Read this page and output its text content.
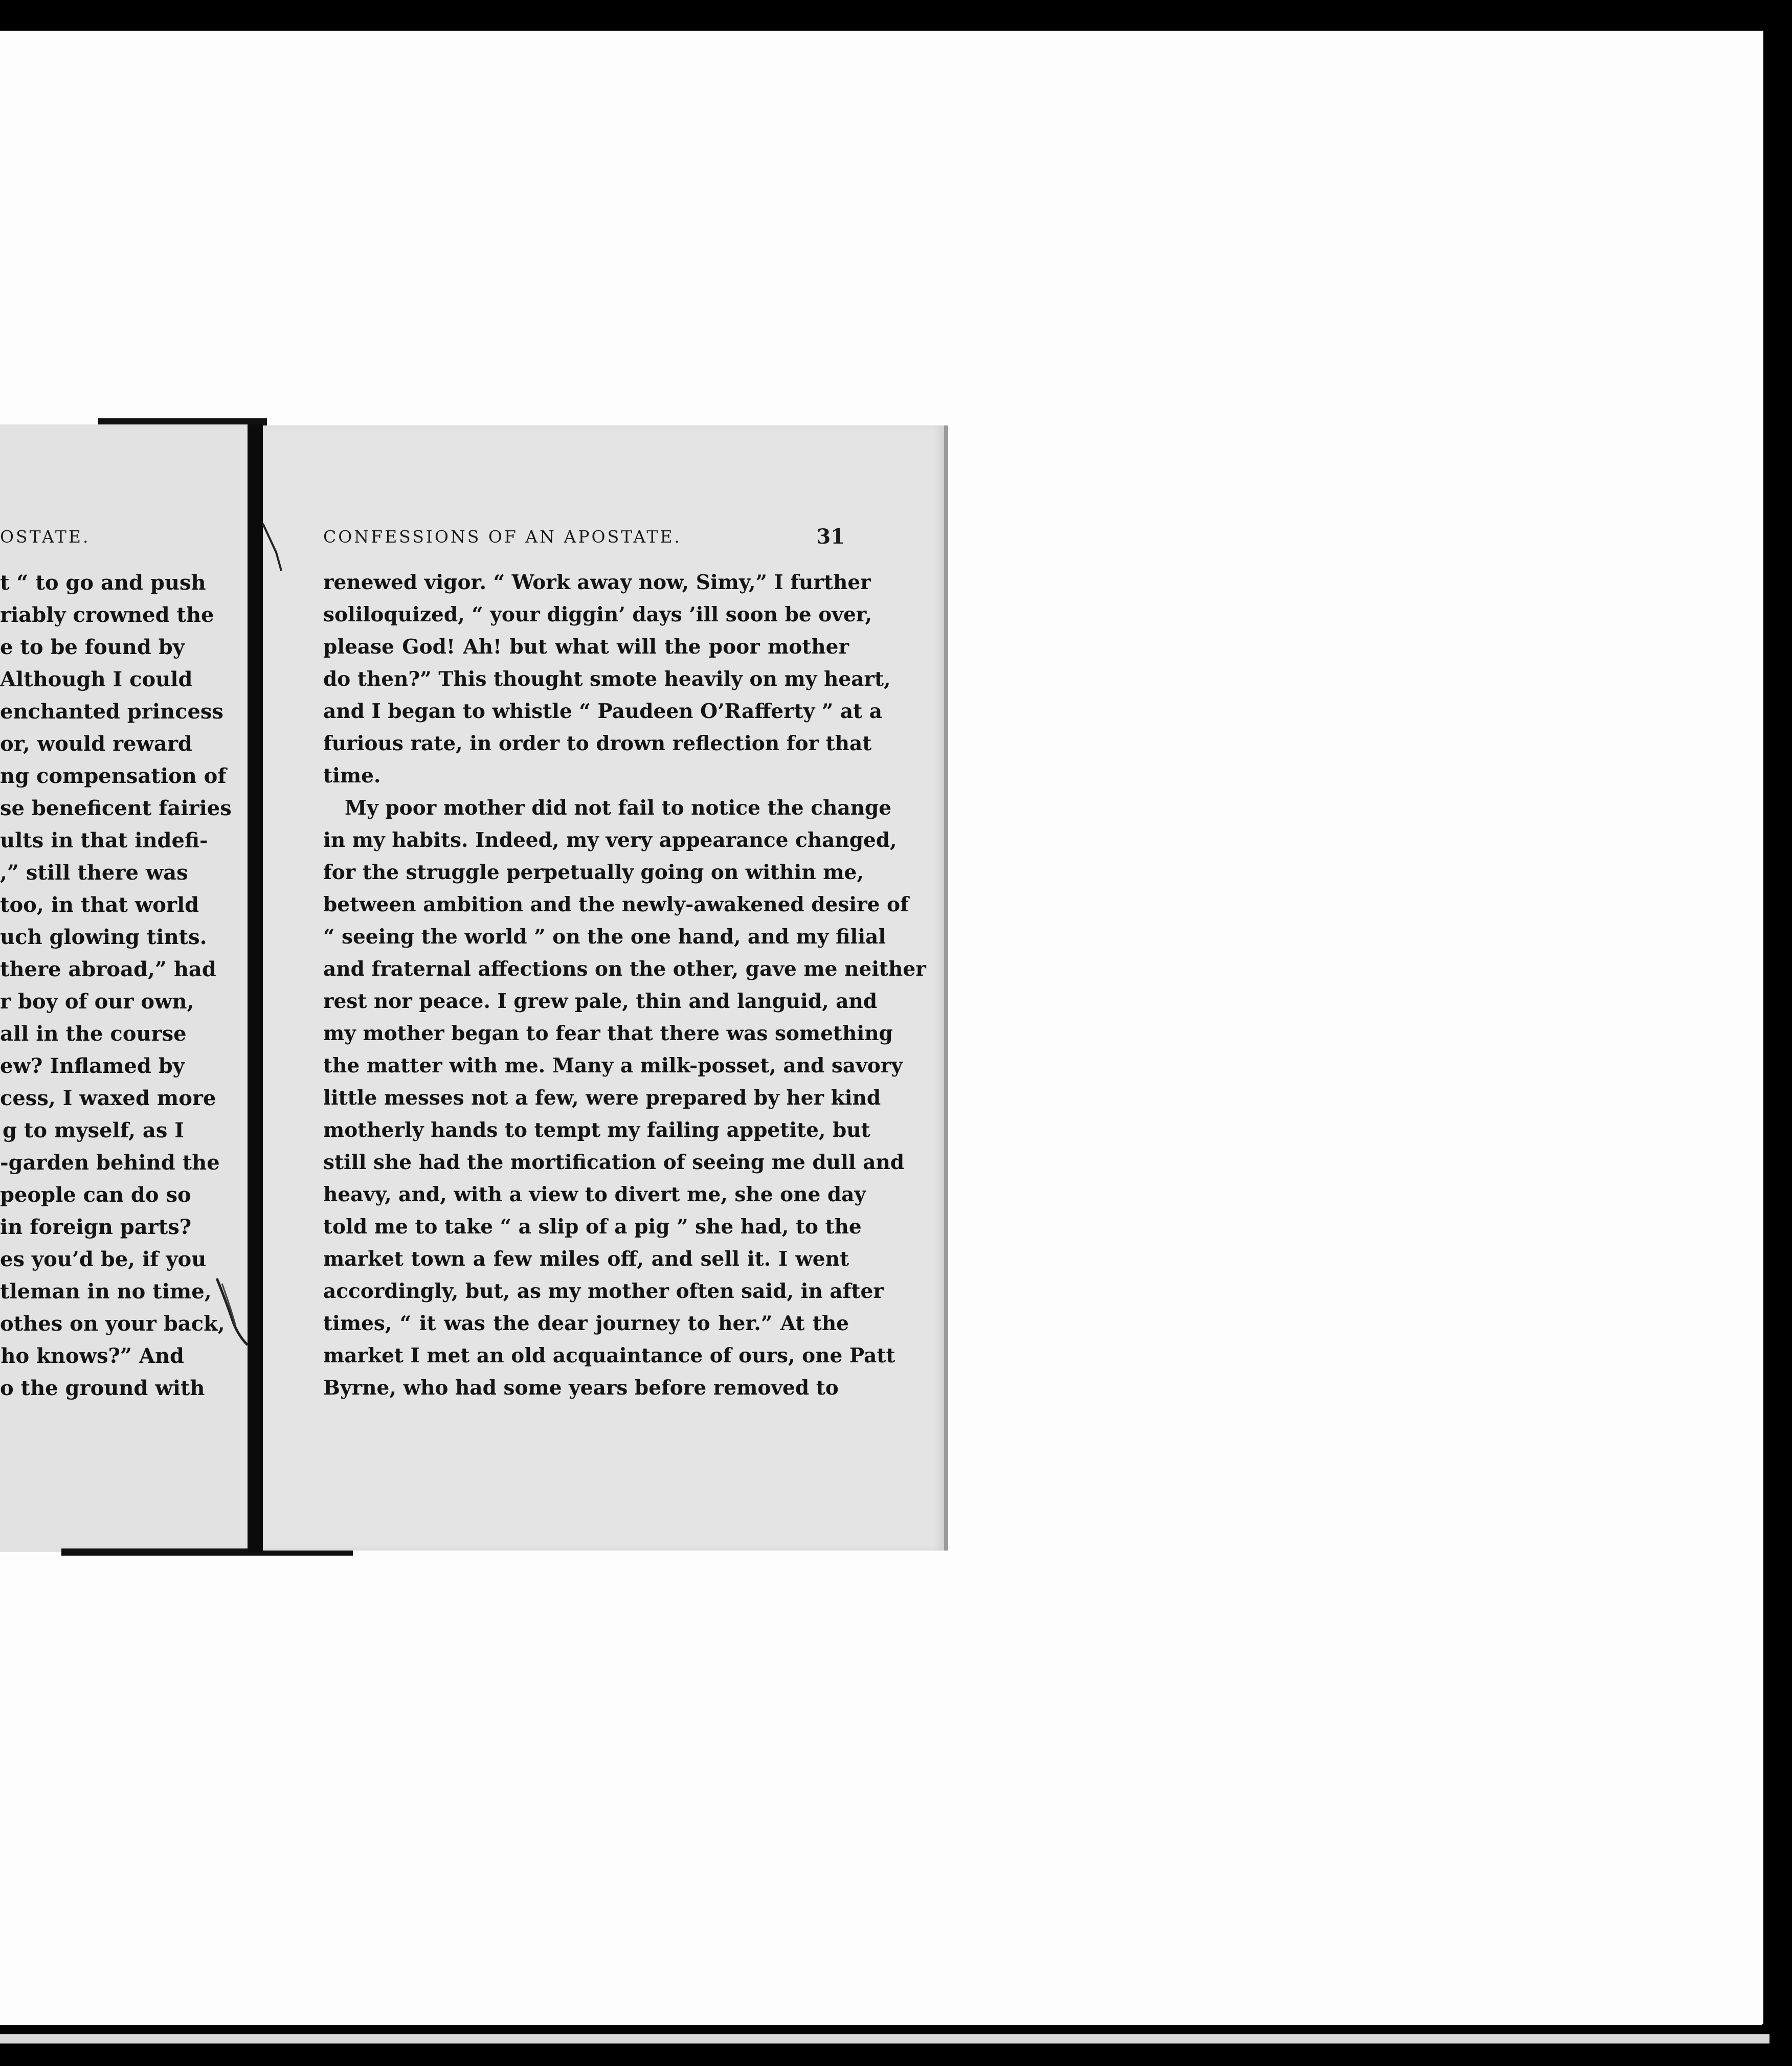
OSTATE.
t “ to go and push
riably crowned the
e to be found by
Although I could
enchanted princess
or, would reward
ng compensation of
se beneficent fairies
ults in that indefi-
,” still there was
too, in that world
uch glowing tints.
there abroad,” had
r boy of our own,
all in the course
ew? Inflamed by
cess, I waxed more
g to myself, as I
-garden behind the
people can do so
in foreign parts?
es you’d be, if you
tleman in no time,
othes on your back,
ho knows?” And
o the ground with
CONFESSIONS OF AN APOSTATE.	31
renewed vigor. “ Work away now, Simy,” I further
soliloquized, “ your diggin’ days ’ill soon be over,
please God! Ah! but what will the poor mother
do then?” This thought smote heavily on my heart,
and I began to whistle “ Paudeen O’Rafferty ” at a
furious rate, in order to drown reflection for that
time.
My poor mother did not fail to notice the change
in my habits. Indeed, my very appearance changed,
for the struggle perpetually going on within me,
between ambition and the newly-awakened desire of
“ seeing the world ” on the one hand, and my filial
and fraternal affections on the other, gave me neither
rest nor peace. I grew pale, thin and languid, and
my mother began to fear that there was something
the matter with me. Many a milk-posset, and savory
little messes not a few, were prepared by her kind
motherly hands to tempt my failing appetite, but
still she had the mortification of seeing me dull and
heavy, and, with a view to divert me, she one day
told me to take “ a slip of a pig ” she had, to the
market town a few miles off, and sell it. I went
accordingly, but, as my mother often said, in after
times, “ it was the dear journey to her.” At the
market I met an old acquaintance of ours, one Patt
Byrne, who had some years before removed to
